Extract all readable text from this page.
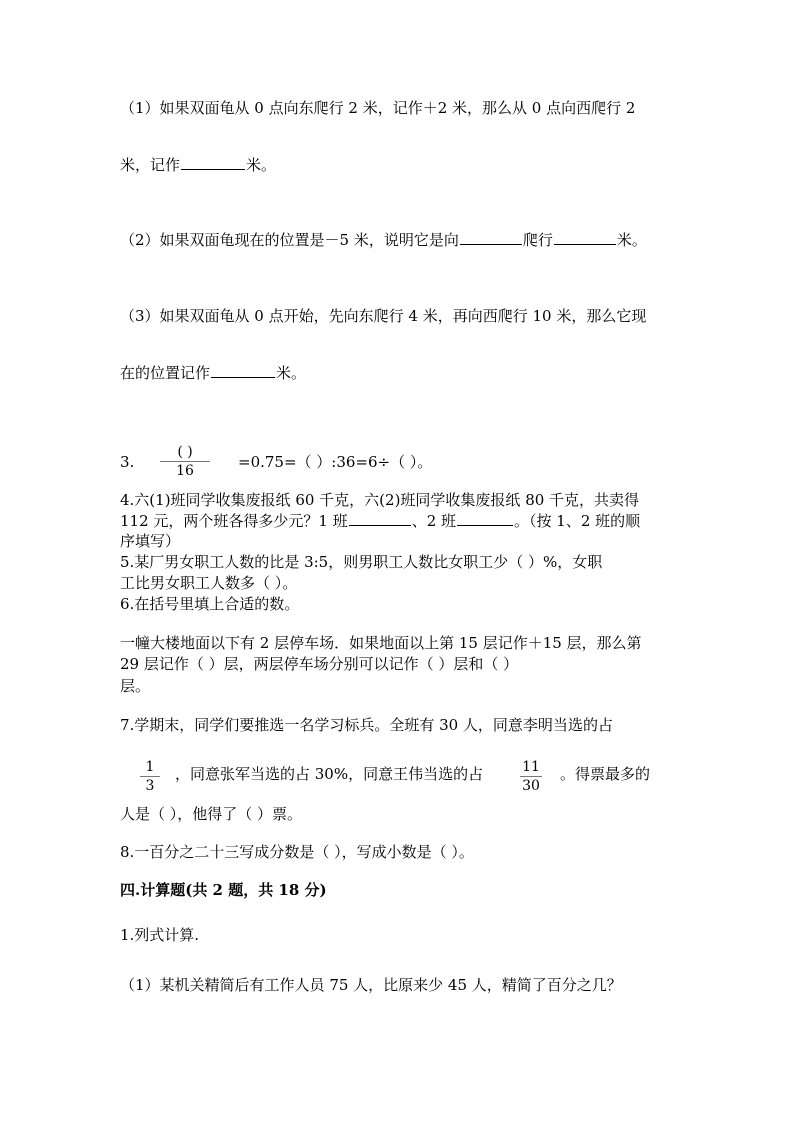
（1）如果双面龟从 0 点向东爬行 2 米，记作＋2 米，那么从 0 点向西爬行 2
米，记作	米。
（2）如果双面龟现在的位置是－5 米，说明它是向	爬行	米。
（3）如果双面龟从 0 点开始，先向东爬行 4 米，再向西爬行 10 米，那么它现
在的位置记作	米。
3.
( )
16	=0.75=（ ）:36=6÷（ ）。
4.六(1)班同学收集废报纸 60 千克，六(2)班同学收集废报纸 80 千克，共卖得
112 元，两个班各得多少元？1 班	、2 班	。（按 1、2 班的顺
序填写）
5.某厂男女职工人数的比是 3:5，则男职工人数比女职工少（ ）%，女职
工比男女职工人数多（ ）。
6.在括号里填上合适的数。
一幢大楼地面以下有 2 层停车场．如果地面以上第 15 层记作＋15 层，那么第
29 层记作（ ）层，两层停车场分别可以记作（ ）层和（ ）
层。
7.学期末，同学们要推选一名学习标兵。全班有 30 人，同意李明当选的占
1
3
，同意张军当选的占 30%，同意王伟当选的占	11
30
。得票最多的
人是（ ），他得了（ ）票。
8.一百分之二十三写成分数是（ ），写成小数是（ ）。
四.计算题(共 2 题，共 18 分)
1.列式计算.
（1）某机关精简后有工作人员 75 人，比原来少 45 人，精简了百分之几？
